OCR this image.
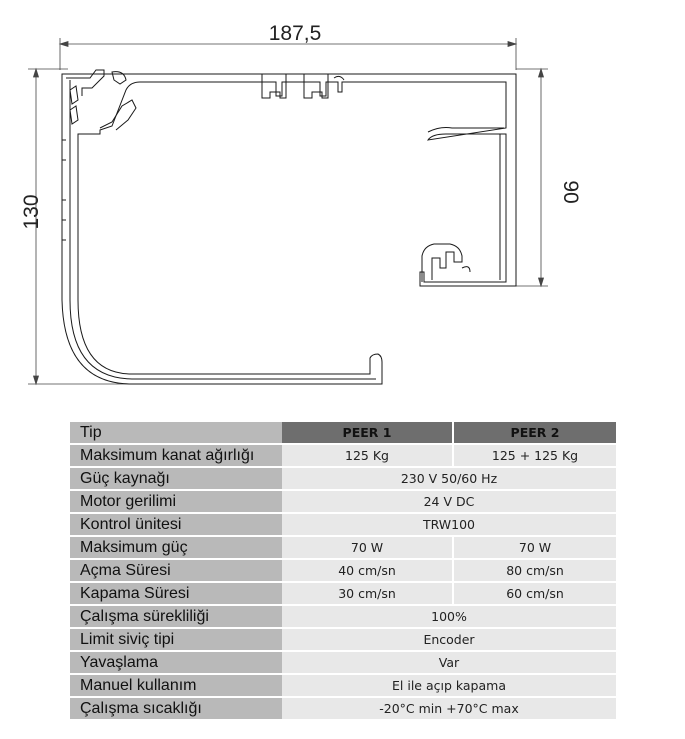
187,5
130
90
Tip	PEER 1	PEER 2
Maksimum kanat ağırlığı	125 Kg	125 + 125 Kg
Güç kaynağı	230 V 50/60 Hz	
Motor gerilimi	24 V DC	
Kontrol ünitesi	TRW100	
Maksimum güç	70 W	70 W
Açma Süresi	40 cm/sn	80 cm/sn
Kapama Süresi	30 cm/sn	60 cm/sn
Çalışma sürekliliği	100%	
Limit siviç tipi	Encoder	
Yavaşlama	Var	
Manuel kullanım	El ile açıp kapama	
Çalışma sıcaklığı	-20°C min +70°C max	
